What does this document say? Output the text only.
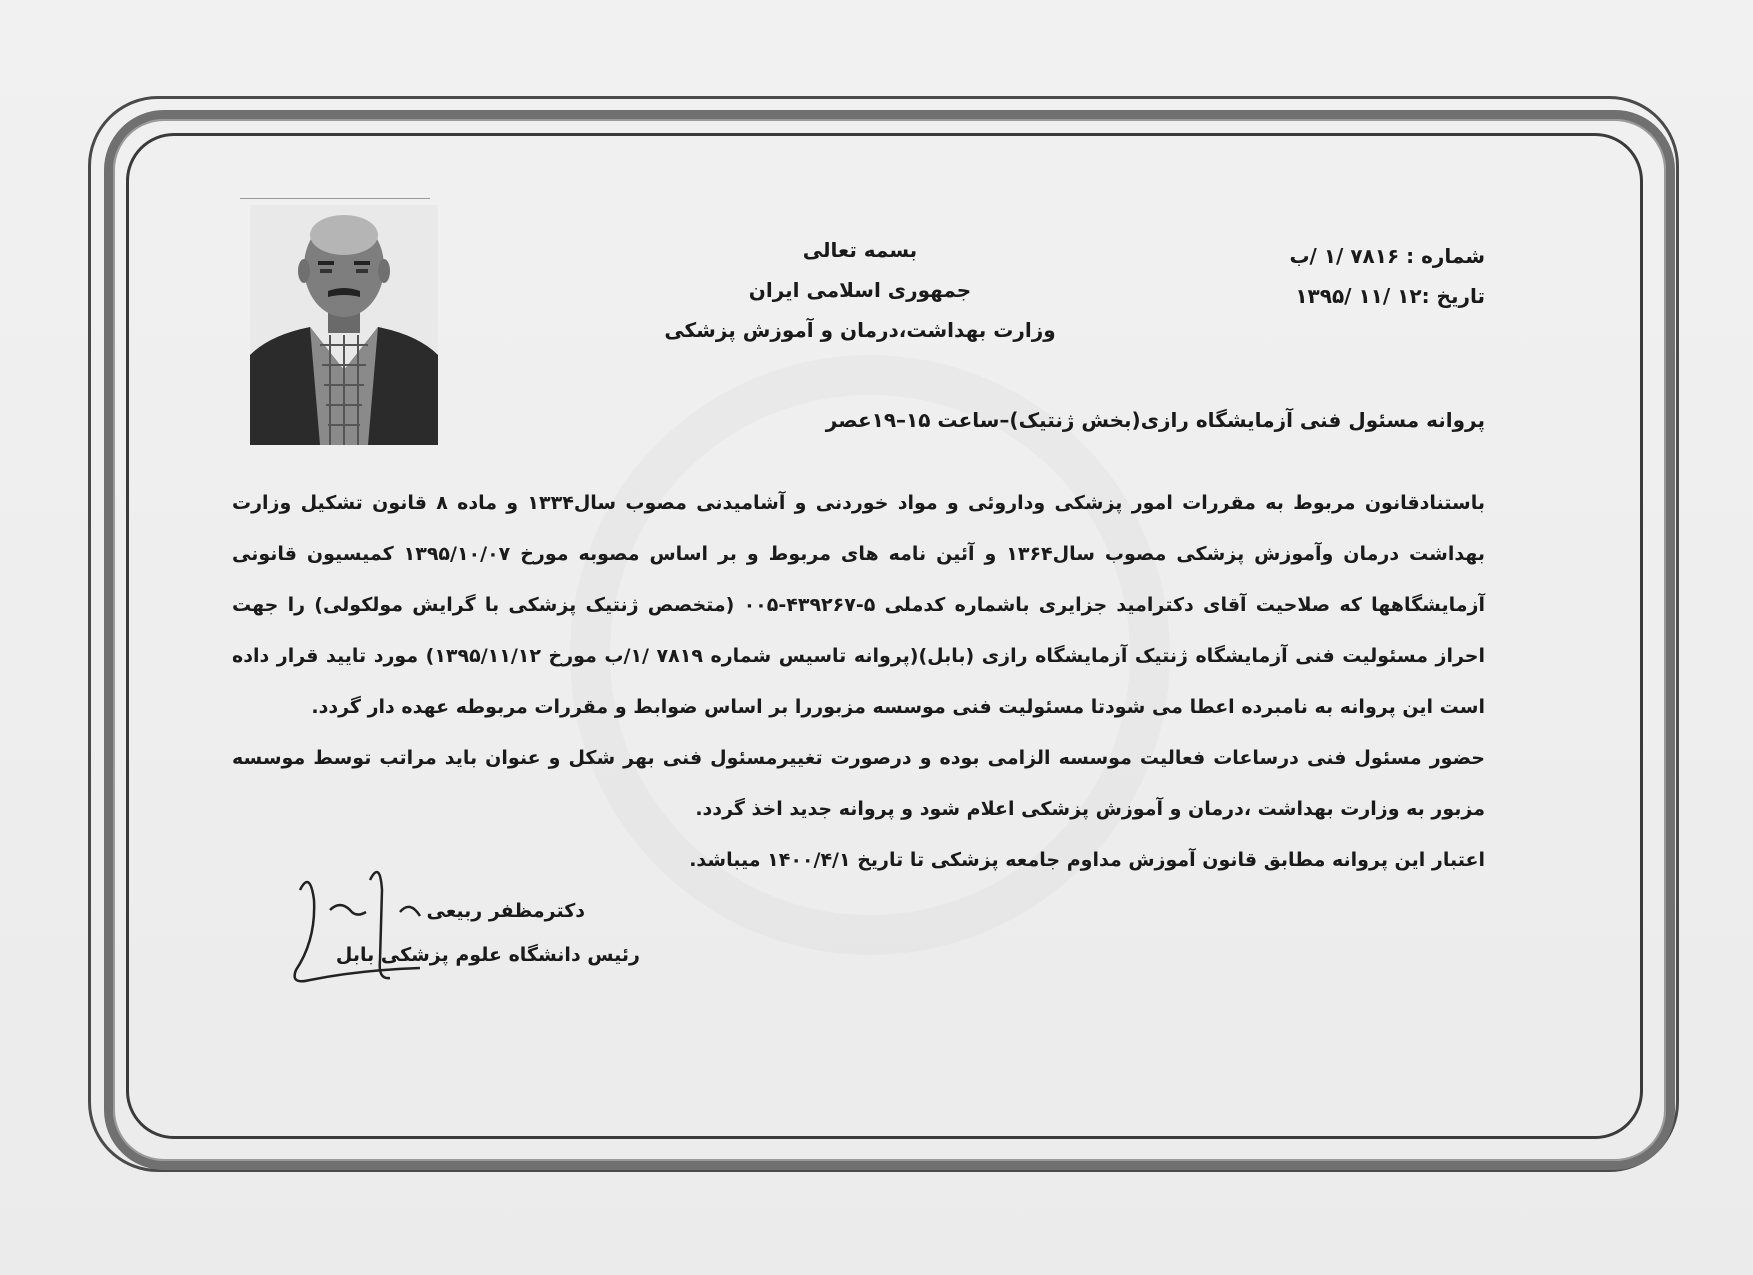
بسمه تعالی
جمهوری اسلامی ایران
وزارت بهداشت،درمان و آموزش پزشکی
شماره : ۷۸۱۶ /۱ /ب
تاریخ :۱۲ /۱۱ /۱۳۹۵
پروانه مسئول فنی آزمایشگاه رازی(بخش ژنتیک)–ساعت ۱۵–۱۹عصر

باستنادقانون مربوط به مقررات امور پزشکی وداروئی و مواد خوردنی و آشامیدنی مصوب سال۱۳۳۴ و ماده ۸ قانون تشکیل وزارت بهداشت درمان وآموزش پزشکی مصوب سال۱۳۶۴ و آئین نامه های مربوط و بر اساس مصوبه مورخ ۱۳۹۵/۱۰/۰۷ کمیسیون قانونی آزمایشگاهها که صلاحیت آقای دکترامید جزایری باشماره کدملی ۵-۴۳۹۲۶۷-۰۰۵ (متخصص ژنتیک پزشکی با گرایش مولکولی) را جهت احراز مسئولیت فنی آزمایشگاه ژنتیک آزمایشگاه رازی (بابل)(پروانه تاسیس شماره ۷۸۱۹ /۱/ب مورخ ۱۳۹۵/۱۱/۱۲) مورد تایید قرار داده است این پروانه به نامبرده اعطا می شودتا مسئولیت فنی موسسه مزبوررا بر اساس ضوابط و مقررات مربوطه عهده دار گردد.

حضور مسئول فنی درساعات فعالیت موسسه الزامی بوده و درصورت تغییرمسئول فنی بهر شکل و عنوان باید مراتب توسط موسسه مزبور به وزارت بهداشت ،درمان و آموزش پزشکی اعلام شود و پروانه جدید اخذ گردد.

اعتبار این پروانه مطابق قانون آموزش مداوم جامعه پزشکی تا تاریخ ۱۴۰۰/۴/۱ میباشد.

دکترمظفر ربیعی
رئیس دانشگاه علوم پزشکی بابل
